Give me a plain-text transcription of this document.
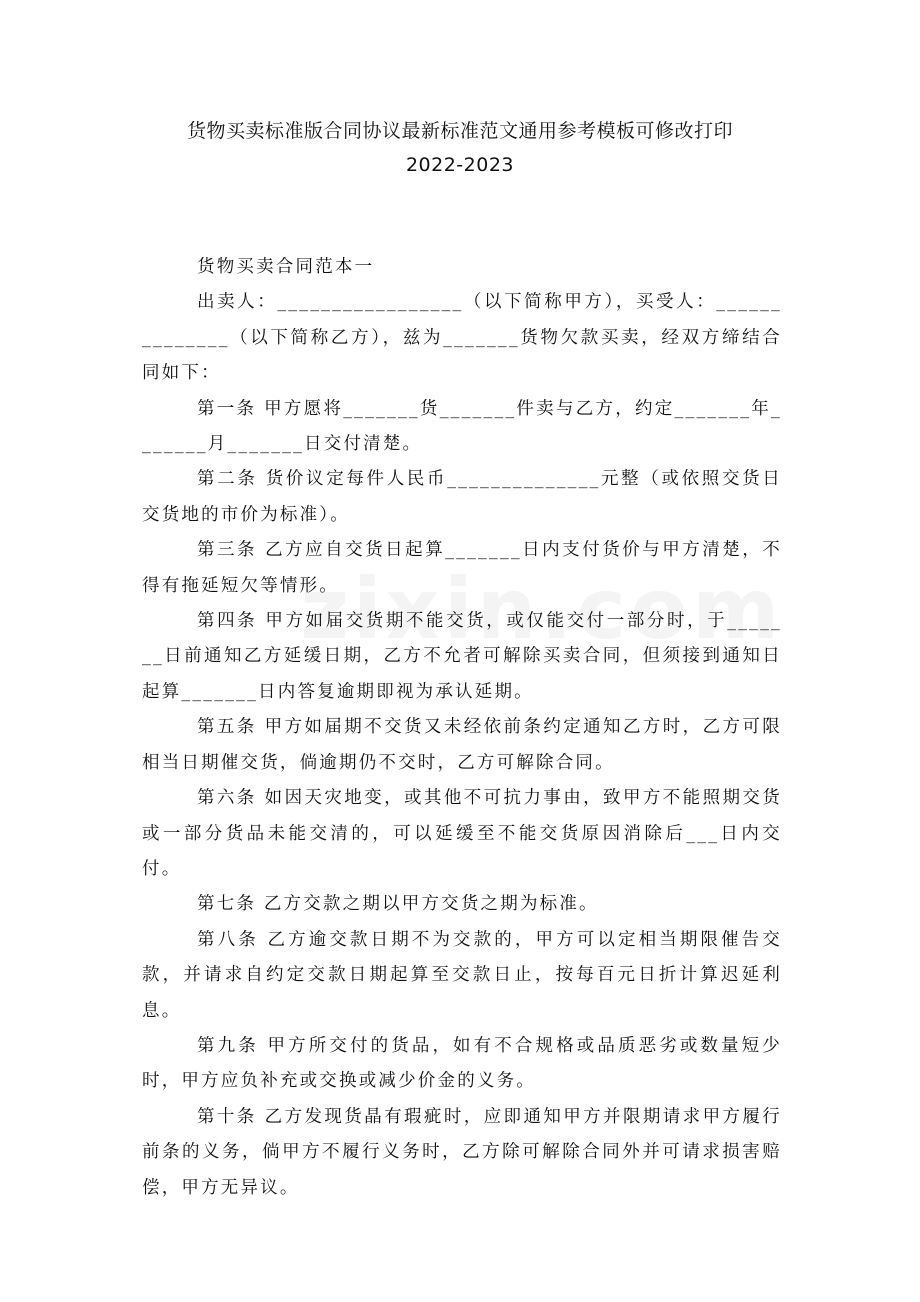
货物买卖标准版合同协议最新标准范文通用参考模板可修改打印
2022-2023

货物买卖合同范本一

出卖人：_________________（以下简称甲方），买受人：______________（以下简称乙方），兹为_______货物欠款买卖，经双方缔结合同如下：

第一条 甲方愿将_______货_______件卖与乙方，约定_______年_______月_______日交付清楚。

第二条 货价议定每件人民币______________元整（或依照交货日交货地的市价为标准）。

第三条 乙方应自交货日起算_______日内支付货价与甲方清楚，不得有拖延短欠等情形。

第四条 甲方如届交货期不能交货，或仅能交付一部分时，于_______日前通知乙方延缓日期，乙方不允者可解除买卖合同，但须接到通知日起算_______日内答复逾期即视为承认延期。

第五条 甲方如届期不交货又未经依前条约定通知乙方时，乙方可限相当日期催交货，倘逾期仍不交时，乙方可解除合同。

第六条 如因天灾地变，或其他不可抗力事由，致甲方不能照期交货或一部分货品未能交清的，可以延缓至不能交货原因消除后___日内交付。

第七条 乙方交款之期以甲方交货之期为标准。

第八条 乙方逾交款日期不为交款的，甲方可以定相当期限催告交款，并请求自约定交款日期起算至交款日止，按每百元日折计算迟延利息。

第九条 甲方所交付的货品，如有不合规格或品质恶劣或数量短少时，甲方应负补充或交换或减少价金的义务。

第十条 乙方发现货晶有瑕疵时，应即通知甲方并限期请求甲方履行前条的义务，倘甲方不履行义务时，乙方除可解除合同外并可请求损害赔偿，甲方无异议。
